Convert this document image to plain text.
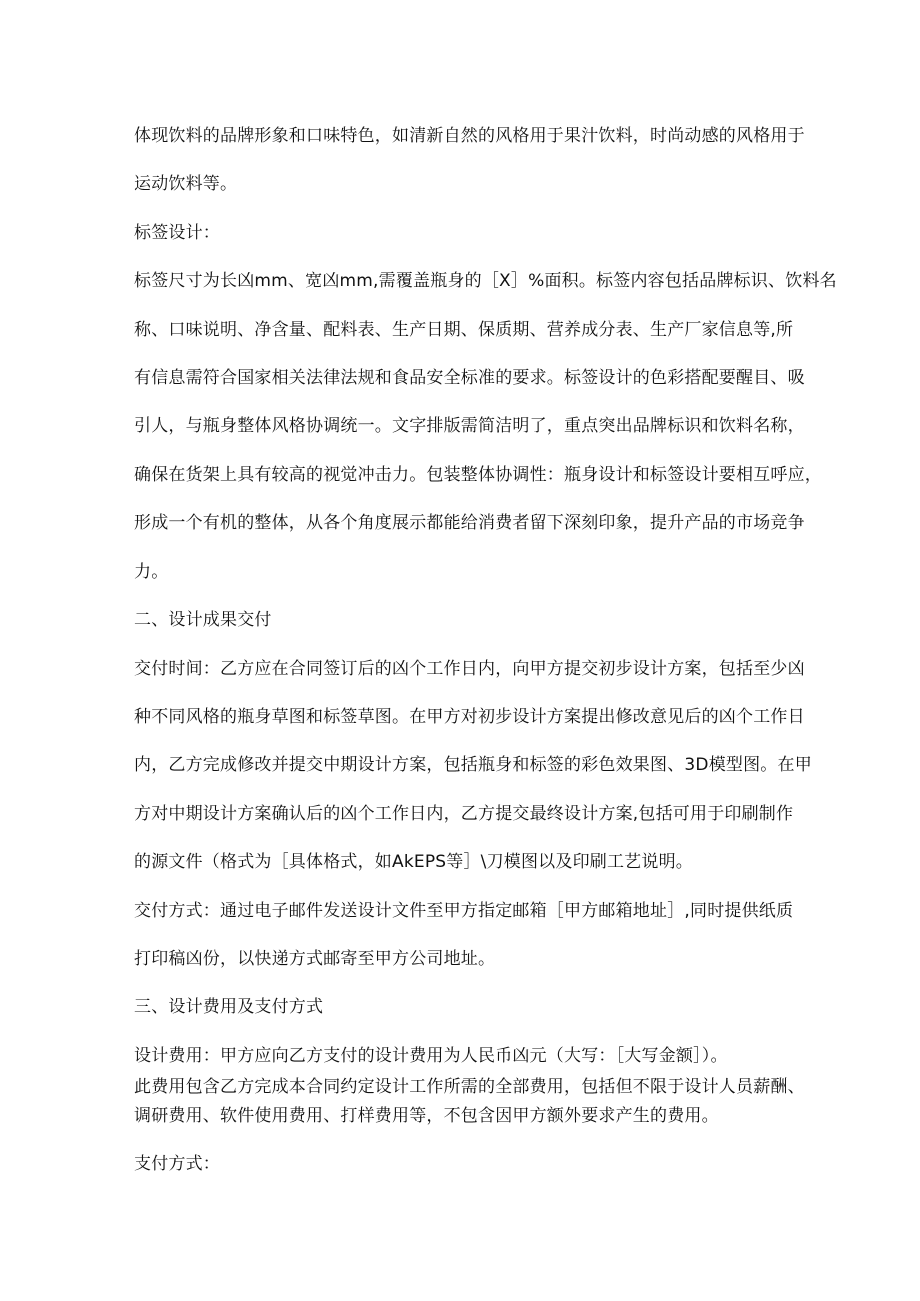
体现饮料的品牌形象和口味特色，如清新自然的风格用于果汁饮料，时尚动感的风格用于
运动饮料等。
标签设计：
标签尺寸为长凶mm、宽凶mm,需覆盖瓶身的［X］%面积。标签内容包括品牌标识、饮料名
称、口味说明、净含量、配料表、生产日期、保质期、营养成分表、生产厂家信息等,所
有信息需符合国家相关法律法规和食品安全标准的要求。标签设计的色彩搭配要醒目、吸
引人，与瓶身整体风格协调统一。文字排版需简洁明了，重点突出品牌标识和饮料名称，
确保在货架上具有较高的视觉冲击力。包装整体协调性：瓶身设计和标签设计要相互呼应，
形成一个有机的整体，从各个角度展示都能给消费者留下深刻印象，提升产品的市场竞争
力。
二、设计成果交付
交付时间：乙方应在合同签订后的凶个工作日内，向甲方提交初步设计方案，包括至少凶
种不同风格的瓶身草图和标签草图。在甲方对初步设计方案提出修改意见后的凶个工作日
内，乙方完成修改并提交中期设计方案，包括瓶身和标签的彩色效果图、3D模型图。在甲
方对中期设计方案确认后的凶个工作日内，乙方提交最终设计方案,包括可用于印刷制作
的源文件（格式为［具体格式，如AkEPS等］\刀模图以及印刷工艺说明。
交付方式：通过电子邮件发送设计文件至甲方指定邮箱［甲方邮箱地址］,同时提供纸质
打印稿凶份，以快递方式邮寄至甲方公司地址。
三、设计费用及支付方式
设计费用：甲方应向乙方支付的设计费用为人民币凶元（大写：［大写金额］）。
此费用包含乙方完成本合同约定设计工作所需的全部费用，包括但不限于设计人员薪酬、
调研费用、软件使用费用、打样费用等，不包含因甲方额外要求产生的费用。
支付方式：
